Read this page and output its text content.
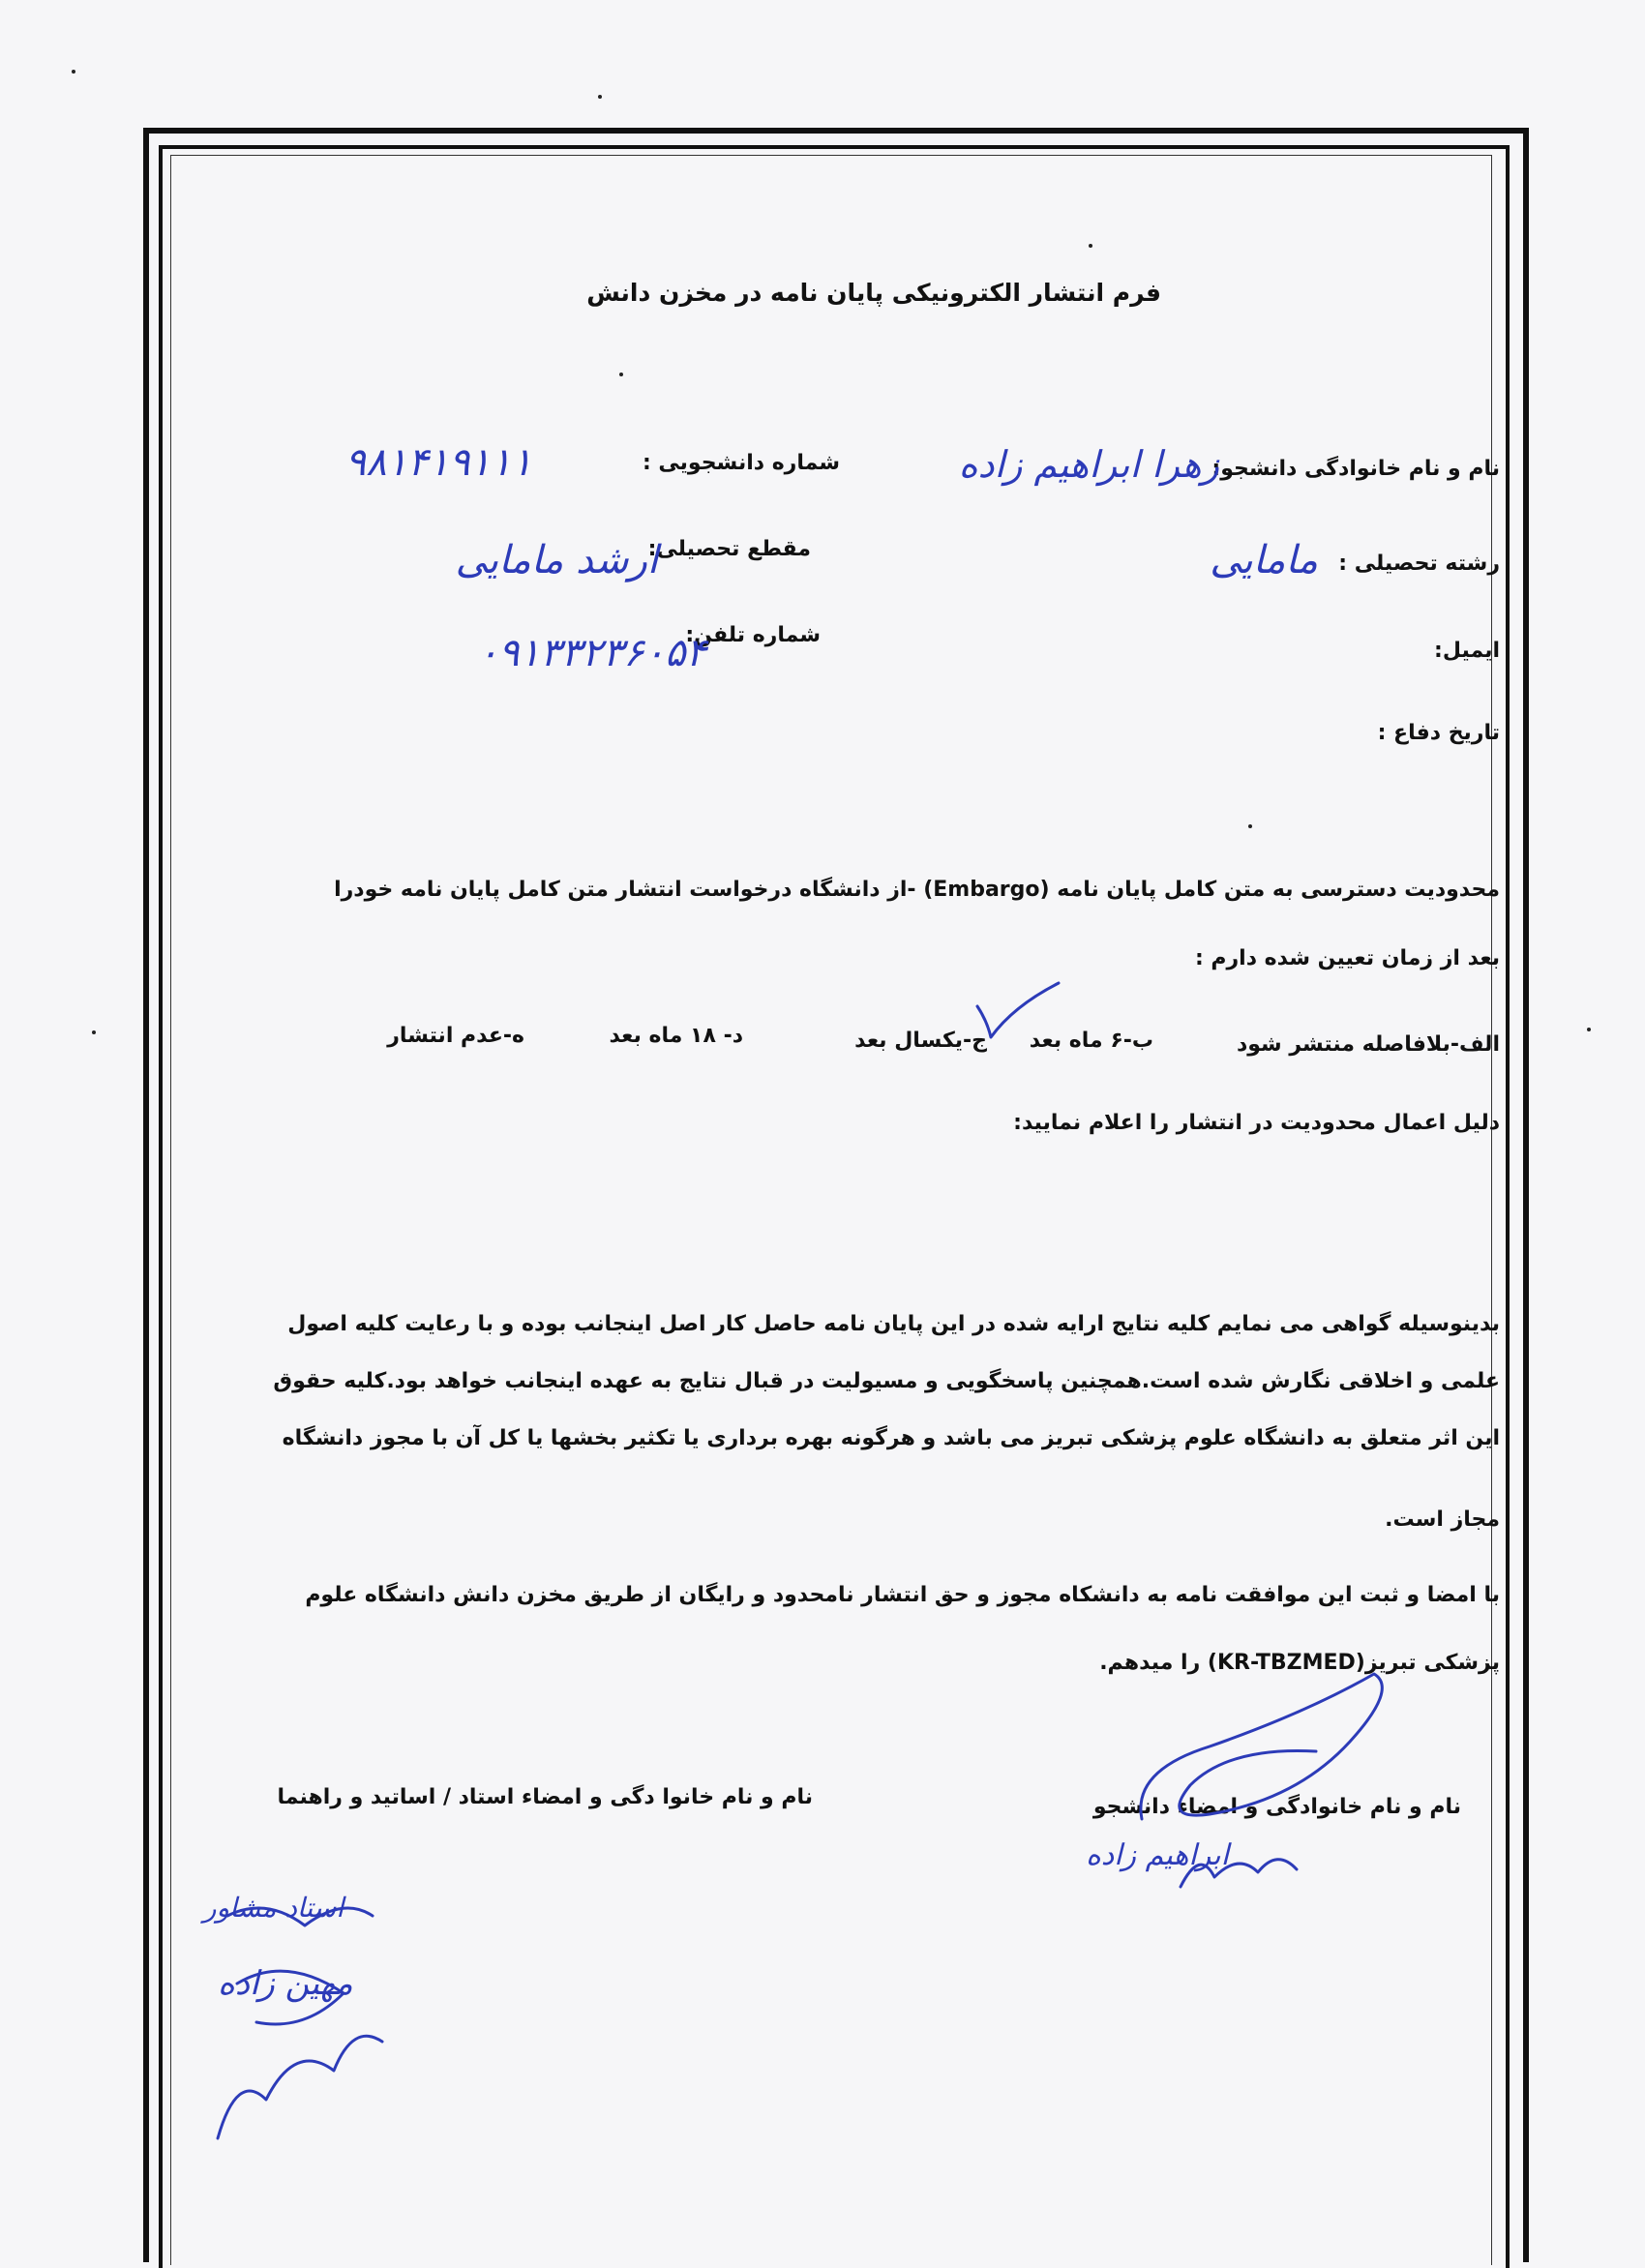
فرم انتشار الکترونیکی پایان نامه در مخزن دانش
نام و نام خانوادگی دانشجو:
زهرا ابراهیم زاده
شماره دانشجویی :
۹۸۱۴۱۹۱۱۱
رشته تحصیلی :
مامایی
مقطع تحصیلی:
ارشد مامایی
ایمیل:
شماره تلفن:
۰۹۱۳۳۲۳۶۰۵۴
تاریخ دفاع :
محدودیت دسترسی به متن کامل پایان نامه (Embargo) -از دانشگاه درخواست انتشار متن کامل پایان نامه خودرا
بعد از زمان تعیین شده دارم :
الف-بلافاصله منتشر شود
ب-۶ ماه بعد
ج-یکسال بعد
د- ۱۸ ماه بعد
ه-عدم انتشار
دلیل اعمال محدودیت در انتشار را اعلام نمایید:
بدینوسیله گواهی می نمایم کلیه نتایج ارایه شده در این پایان نامه حاصل کار اصل اینجانب بوده و با رعایت کلیه اصول
علمی و اخلاقی نگارش شده است.همچنین پاسخگویی و مسیولیت در قبال نتایج به عهده اینجانب خواهد بود.کلیه حقوق
این اثر متعلق به دانشگاه علوم پزشکی تبریز می باشد و هرگونه بهره برداری یا تکثیر بخشها یا کل آن با مجوز دانشگاه
مجاز است.
با امضا و ثبت این موافقت نامه به دانشکاه مجوز و حق انتشار نامحدود و رایگان از طریق مخزن دانش دانشگاه علوم
پزشکی تبریز(KR-TBZMED) را میدهم.
نام و نام خانوادگی و امضاء دانشجو
نام و نام خانوا دگی و امضاء استاد / اساتید و راهنما
ابراهیم زاده
استاد مشاور
مهین زاده
